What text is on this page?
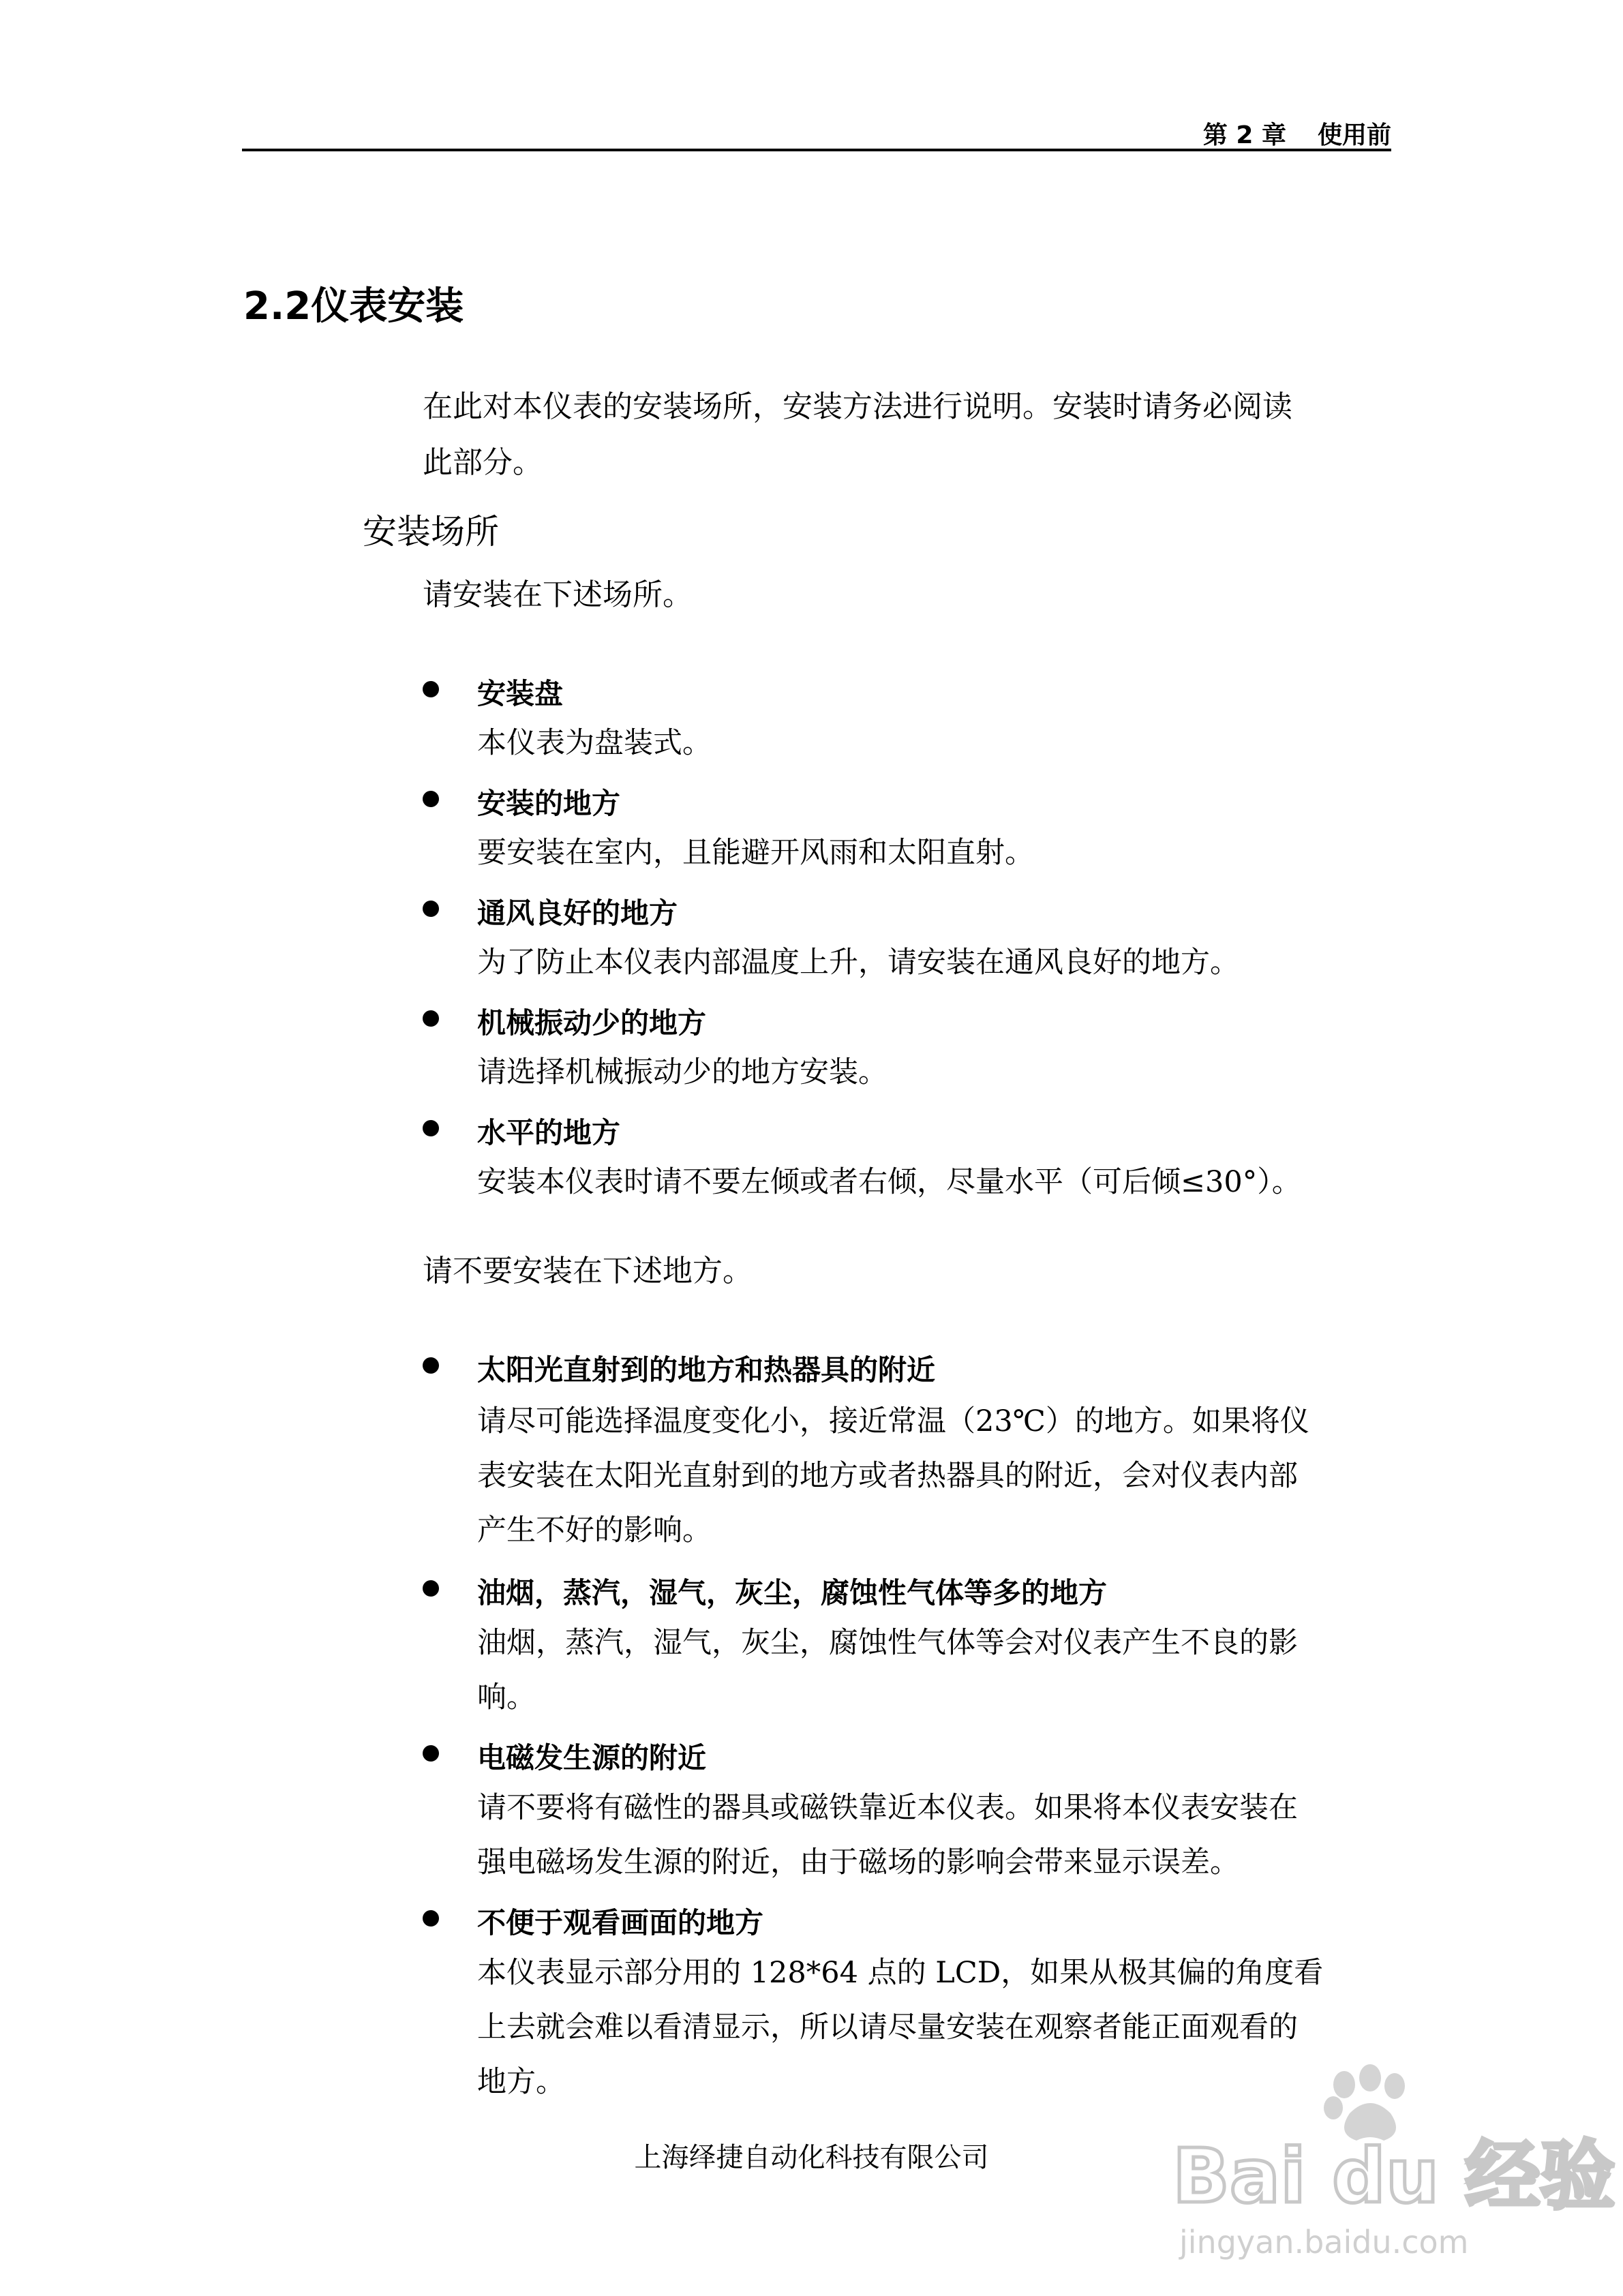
第 2 章 使用前
2.2仪表安装
在此对本仪表的安装场所，安装方法进行说明。安装时请务必阅读
此部分。
安装场所
请安装在下述场所。
安装盘
本仪表为盘装式。
安装的地方
要安装在室内，且能避开风雨和太阳直射。
通风良好的地方
为了防止本仪表内部温度上升，请安装在通风良好的地方。
机械振动少的地方
请选择机械振动少的地方安装。
水平的地方
安装本仪表时请不要左倾或者右倾，尽量水平（可后倾≤30°）。
请不要安装在下述地方。
太阳光直射到的地方和热器具的附近
请尽可能选择温度变化小，接近常温（23℃）的地方。如果将仪
表安装在太阳光直射到的地方或者热器具的附近，会对仪表内部
产生不好的影响。
油烟，蒸汽，湿气，灰尘，腐蚀性气体等多的地方
油烟，蒸汽，湿气，灰尘，腐蚀性气体等会对仪表产生不良的影
响。
电磁发生源的附近
请不要将有磁性的器具或磁铁靠近本仪表。如果将本仪表安装在
强电磁场发生源的附近，由于磁场的影响会带来显示误差。
不便于观看画面的地方
本仪表显示部分用的 128*64 点的 LCD，如果从极其偏的角度看
上去就会难以看清显示，所以请尽量安装在观察者能正面观看的
地方。
上海绎捷自动化科技有限公司	Bai du 经验
jingyan.baidu.com
